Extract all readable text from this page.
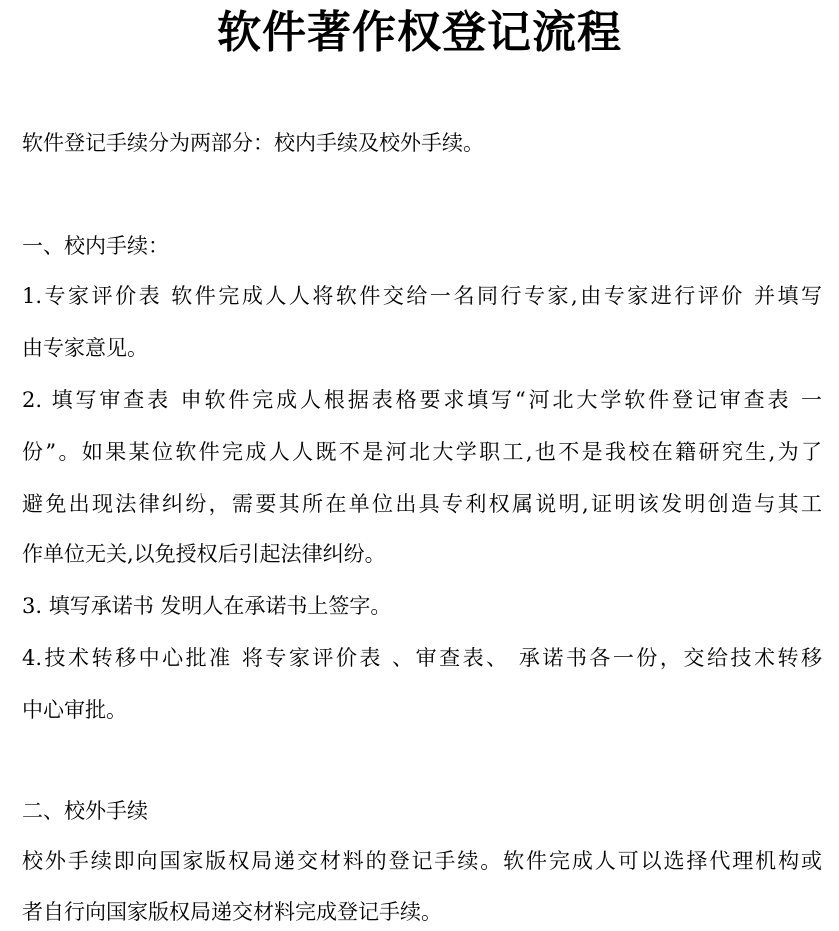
软件著作权登记流程
软件登记手续分为两部分：校内手续及校外手续。
一、校内手续：
1.专家评价表 软件完成人人将软件交给一名同行专家,由专家进行评价 并填写
由专家意见。
2. 填写审查表 申软件完成人根据表格要求填写“河北大学软件登记审查表 一
份”。如果某位软件完成人人既不是河北大学职工,也不是我校在籍研究生,为了
避免出现法律纠纷，需要其所在单位出具专利权属说明,证明该发明创造与其工
作单位无关,以免授权后引起法律纠纷。
3. 填写承诺书 发明人在承诺书上签字。
4.技术转移中心批准 将专家评价表 、审查表、 承诺书各一份，交给技术转移
中心审批。
二、校外手续
校外手续即向国家版权局递交材料的登记手续。软件完成人可以选择代理机构或
者自行向国家版权局递交材料完成登记手续。
